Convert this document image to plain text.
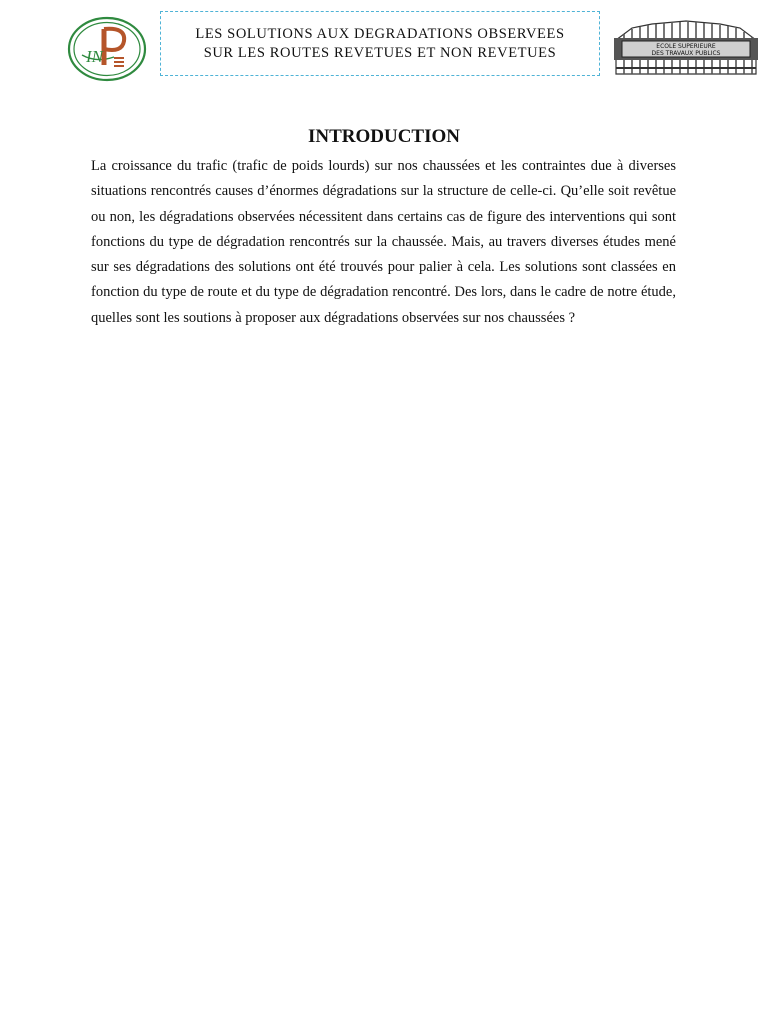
IN
LES SOLUTIONS AUX DEGRADATIONS OBSERVEES
SUR LES ROUTES REVETUES ET NON REVETUES	ECOLE SUPERIEURE
DES TRAVAUX PUBLICS
INTRODUCTION

La croissance du trafic (trafic de poids lourds) sur nos chaussées et les contraintes due à diverses situations rencontrés causes d’énormes dégradations sur la structure de celle-ci. Qu’elle soit revêtue ou non, les dégradations observées nécessitent dans certains cas de figure des interventions qui sont fonctions du type de dégradation rencontrés sur la chaussée. Mais, au travers diverses études mené sur ses dégradations des solutions ont été trouvés pour palier à cela. Les solutions sont classées en fonction du type de route et du type de dégradation rencontré. Des lors, dans le cadre de notre étude, quelles sont les soutions à proposer aux dégradations observées sur nos chaussées ?
